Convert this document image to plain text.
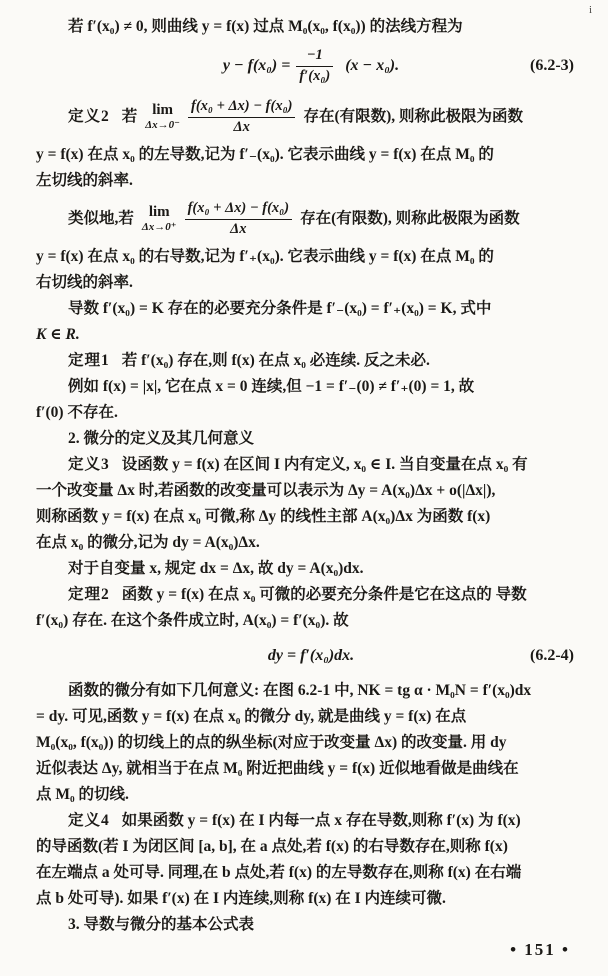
i
若 f′(x₀) ≠ 0, 则曲线 y = f(x) 过点 M₀(x₀, f(x₀)) 的法线方程为
$y - f(x_0) = \frac{-1}{\text{f′(x₀)}} (x - x_0)$.	(6.2-3)
定义2 若 lim
$\Delta x\to 0^- \frac{\text{f(x₀ + Δx) − f(x₀)}}{\Delta x}$ 存在(有限数), 则称此极限为函数
y = f(x) 在点 x₀ 的左导数,记为 f′₋(x₀). 它表示曲线 y = f(x) 在点 M₀ 的
左切线的斜率.
类似地,若 lim
$\Delta x\to 0^+ \frac{\text{f(x₀ + Δx) − f(x₀)}}{\Delta x}$ 存在(有限数), 则称此极限为函数
y = f(x) 在点 x₀ 的右导数,记为 f′₊(x₀). 它表示曲线 y = f(x) 在点 M₀ 的
右切线的斜率.
导数 f′(x₀) = K 存在的必要充分条件是 f′₋(x₀) = f′₊(x₀) = K, 式中
K ∈ R.
定理1 若 f′(x₀) 存在,则 f(x) 在点 x₀ 必连续. 反之未必.
例如 f(x) = |x|, 它在点 x = 0 连续,但 −1 = f′₋(0) ≠ f′₊(0) = 1, 故
f′(0) 不存在.
2. 微分的定义及其几何意义
定义3 设函数 y = f(x) 在区间 I 内有定义, x₀ ∈ I. 当自变量在点 x₀ 有
一个改变量 Δx 时,若函数的改变量可以表示为 Δy = A(x₀)Δx + o(|Δx|),
则称函数 y = f(x) 在点 x₀ 可微,称 Δy 的线性主部 A(x₀)Δx 为函数 f(x)
在点 x₀ 的微分,记为 dy = A(x₀)Δx.
对于自变量 x, 规定 dx = Δx, 故 dy = A(x₀)dx.
定理2 函数 y = f(x) 在点 x₀ 可微的必要充分条件是它在这点的 导数
f′(x₀) 存在. 在这个条件成立时, A(x₀) = f′(x₀). 故
dy = f′(x₀)dx.	(6.2-4)
函数的微分有如下几何意义: 在图 6.2-1 中, NK = tg α · M₀N = f′(x₀)dx
= dy. 可见,函数 y = f(x) 在点 x₀ 的微分 dy, 就是曲线 y = f(x) 在点
M₀(x₀, f(x₀)) 的切线上的点的纵坐标(对应于改变量 Δx) 的改变量. 用 dy
近似表达 Δy, 就相当于在点 M₀ 附近把曲线 y = f(x) 近似地看做是曲线在
点 M₀ 的切线.
定义4 如果函数 y = f(x) 在 I 内每一点 x 存在导数,则称 f′(x) 为 f(x)
的导函数(若 I 为闭区间 [a, b], 在 a 点处,若 f(x) 的右导数存在,则称 f(x)
在左端点 a 处可导. 同理,在 b 点处,若 f(x) 的左导数存在,则称 f(x) 在右端
点 b 处可导). 如果 f′(x) 在 I 内连续,则称 f(x) 在 I 内连续可微.
3. 导数与微分的基本公式表
• 151 •
